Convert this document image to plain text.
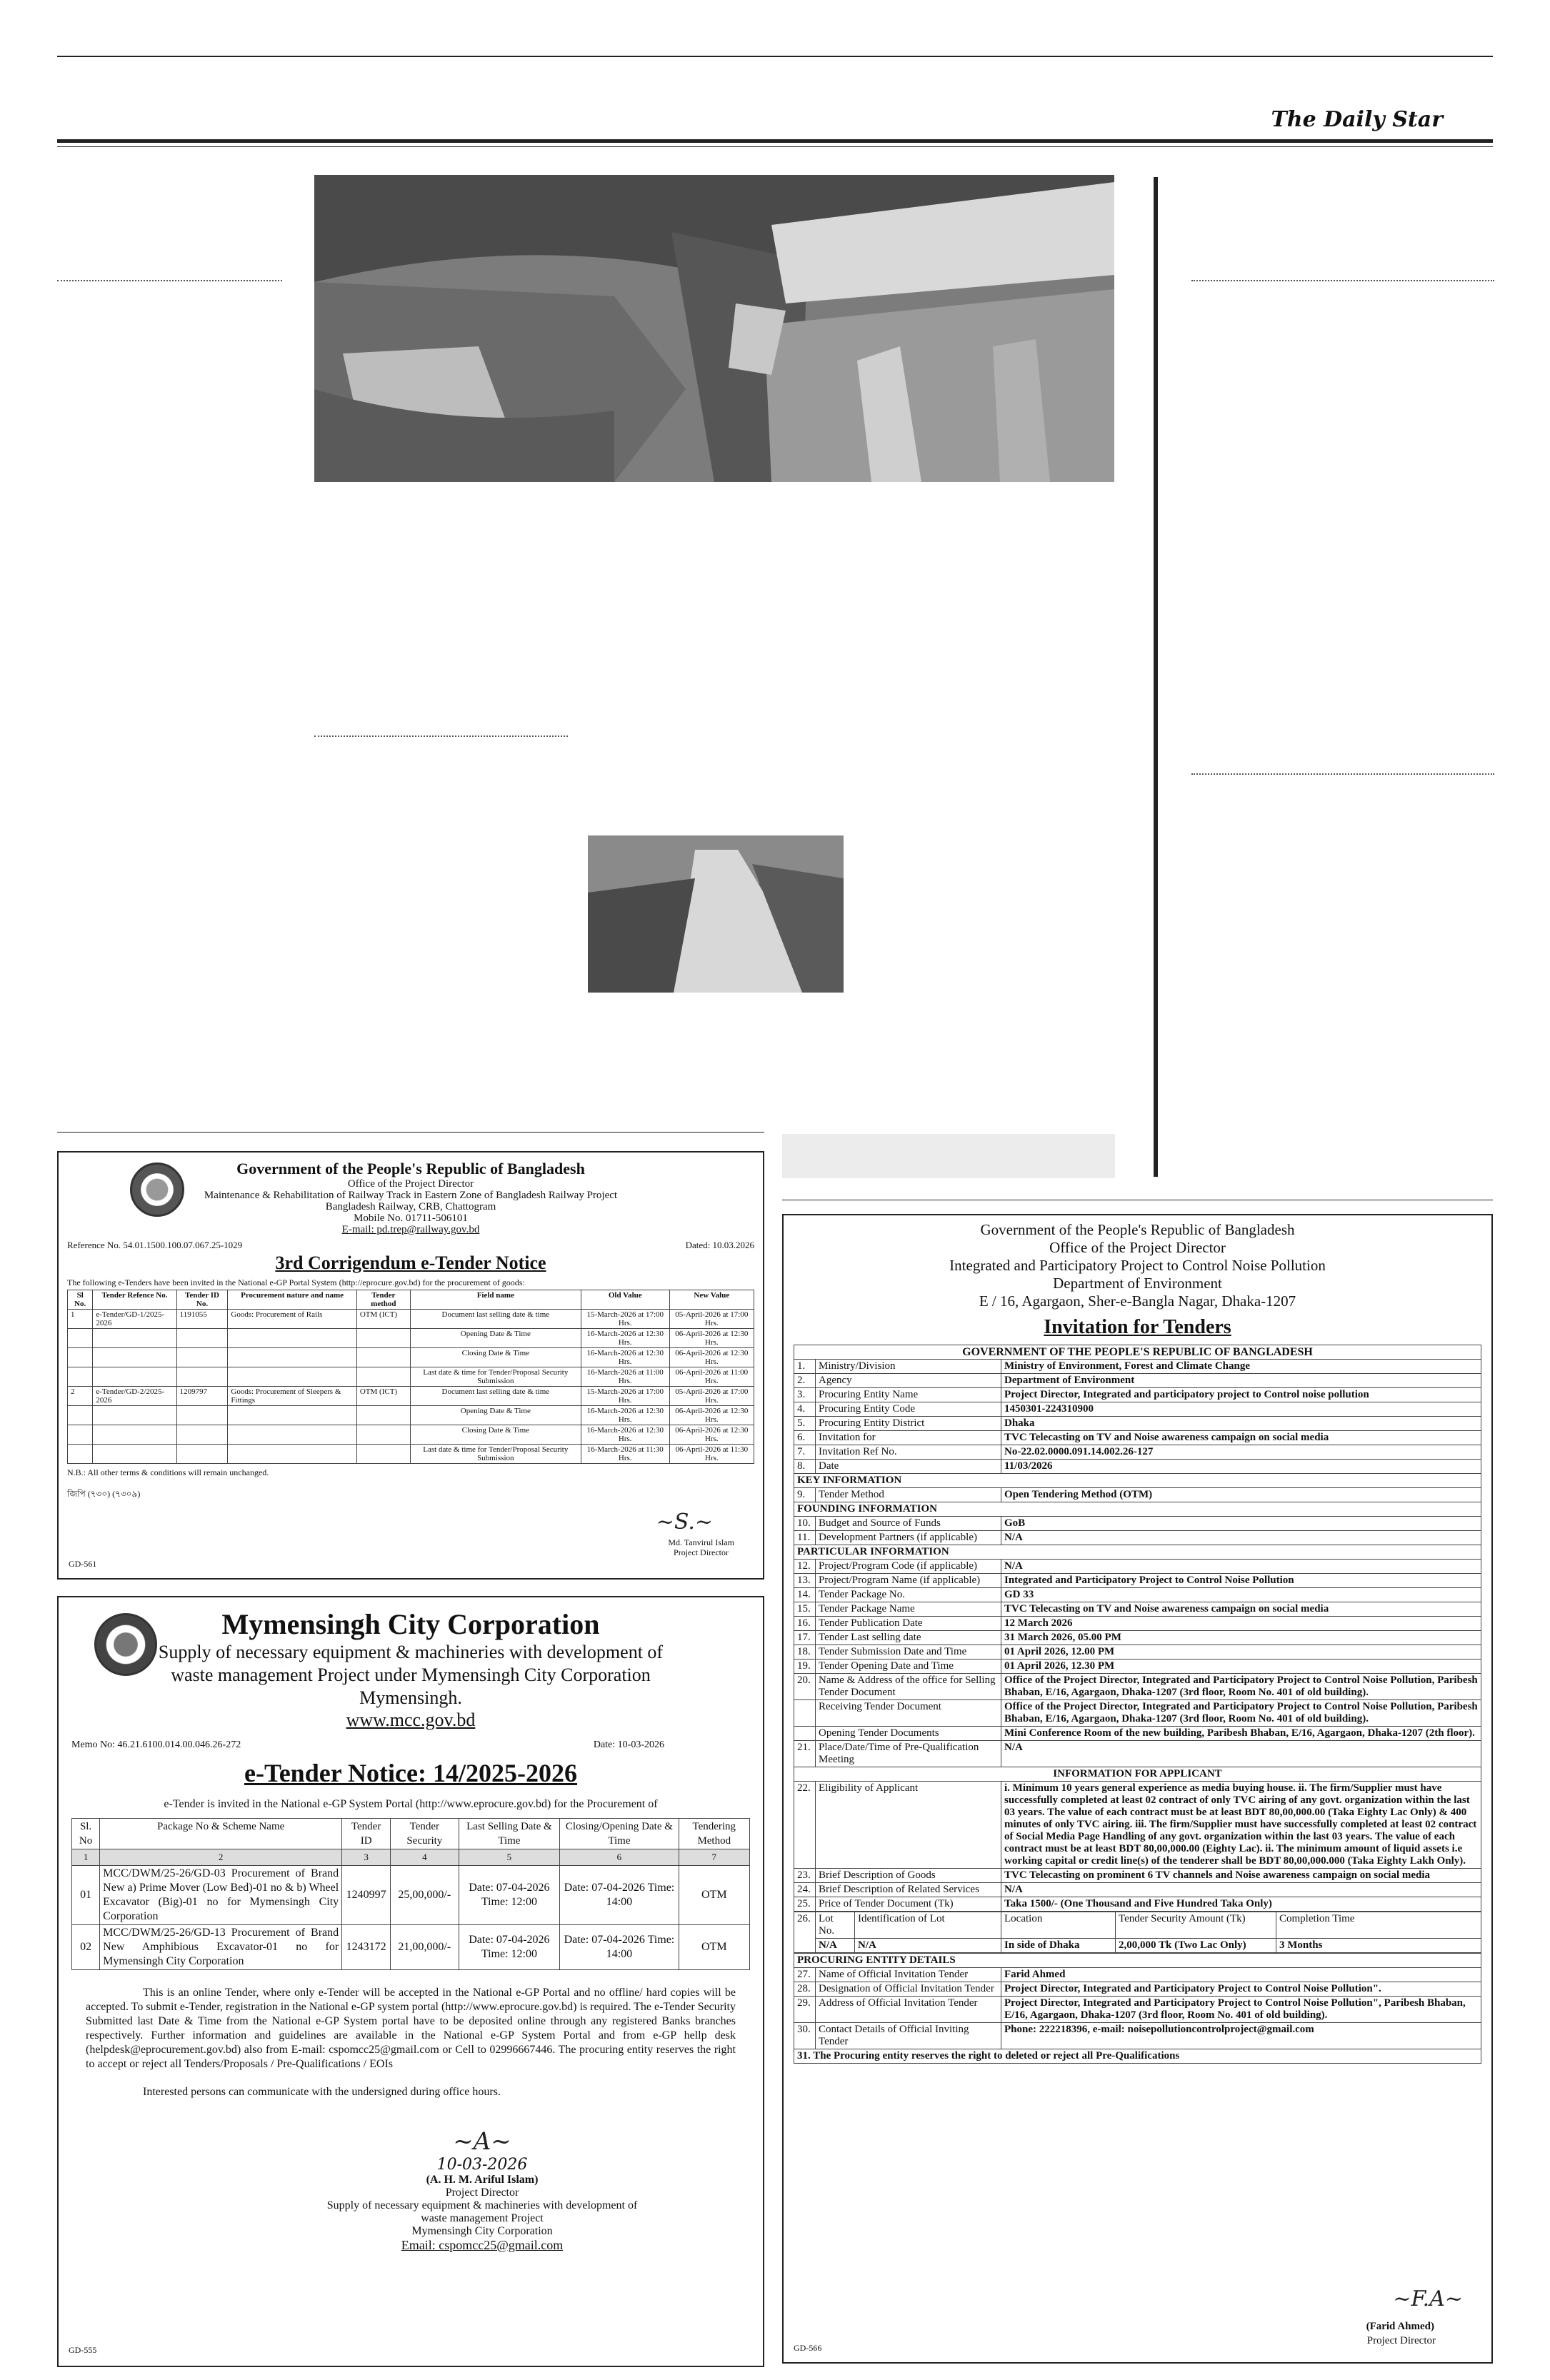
The Daily Star
Government of the People's Republic of Bangladesh
Office of the Project Director
Maintenance & Rehabilitation of Railway Track in Eastern Zone of Bangladesh Railway Project
Bangladesh Railway, CRB, Chattogram
Mobile No. 01711-506101
E-mail: pd.trep@railway.gov.bd
Reference No. 54.01.1500.100.07.067.25-1029	Dated: 10.03.2026
3rd Corrigendum e-Tender Notice
The following e-Tenders have been invited in the National e-GP Portal System (http://eprocure.gov.bd) for the procurement of goods:
Sl No.	Tender Refence No.	Tender ID No.	Procurement nature and name	Tender method	Field name	Old Value	New Value
1	e-Tender/GD-1/2025-2026	1191055	Goods: Procurement of Rails	OTM (ICT)	Document last selling date & time	15-March-2026 at 17:00 Hrs.	05-April-2026 at 17:00 Hrs.
					Opening Date & Time	16-March-2026 at 12:30 Hrs.	06-April-2026 at 12:30 Hrs.
					Closing Date & Time	16-March-2026 at 12:30 Hrs.	06-April-2026 at 12:30 Hrs.
					Last date & time for Tender/Proposal Security Submission	16-March-2026 at 11:00 Hrs.	06-April-2026 at 11:00 Hrs.
2	e-Tender/GD-2/2025-2026	1209797	Goods: Procurement of Sleepers & Fittings	OTM (ICT)	Document last selling date & time	15-March-2026 at 17:00 Hrs.	05-April-2026 at 17:00 Hrs.
					Opening Date & Time	16-March-2026 at 12:30 Hrs.	06-April-2026 at 12:30 Hrs.
					Closing Date & Time	16-March-2026 at 12:30 Hrs.	06-April-2026 at 12:30 Hrs.
					Last date & time for Tender/Proposal Security Submission	16-March-2026 at 11:30 Hrs.	06-April-2026 at 11:30 Hrs.
N.B.: All other terms & conditions will remain unchanged.
জিপি (৭৩০) (৭৩০৯)
~S.~
Md. Tanvirul Islam
Project Director
GD-561
Mymensingh City Corporation
Supply of necessary equipment & machineries with development of waste management Project under Mymensingh City Corporation Mymensingh.
www.mcc.gov.bd
Memo No: 46.21.6100.014.00.046.26-272	Date: 10-03-2026
e-Tender Notice: 14/2025-2026
e-Tender is invited in the National e-GP System Portal (http://www.eprocure.gov.bd) for the Procurement of
Sl. No	Package No & Scheme Name	Tender ID	Tender Security	Last Selling Date & Time	Closing/Opening Date & Time	Tendering Method
1	2	3	4	5	6	7
01	MCC/DWM/25-26/GD-03 Procurement of Brand New a) Prime Mover (Low Bed)-01 no & b) Wheel Excavator (Big)-01 no for Mymensingh City Corporation	1240997	25,00,000/-	Date: 07-04-2026 Time: 12:00	Date: 07-04-2026 Time: 14:00	OTM
02	MCC/DWM/25-26/GD-13 Procurement of Brand New Amphibious Excavator-01 no for Mymensingh City Corporation	1243172	21,00,000/-	Date: 07-04-2026 Time: 12:00	Date: 07-04-2026 Time: 14:00	OTM
This is an online Tender, where only e-Tender will be accepted in the National e-GP Portal and no offline/ hard copies will be accepted. To submit e-Tender, registration in the National e-GP system portal (http://www.eprocure.gov.bd) is required. The e-Tender Security Submitted last Date & Time from the National e-GP System portal have to be deposited online through any registered Banks branches respectively. Further information and guidelines are available in the National e-GP System Portal and from e-GP hellp desk (helpdesk@eprocurement.gov.bd) also from E-mail: cspomcc25@gmail.com or Cell to 02996667446. The procuring entity reserves the right to accept or reject all Tenders/Proposals / Pre-Qualifications / EOIs
Interested persons can communicate with the undersigned during office hours.
~A~
10-03-2026
(A. H. M. Ariful Islam)
Project Director
Supply of necessary equipment & machineries with development of waste management Project
Mymensingh City Corporation
Email: cspomcc25@gmail.com
GD-555
Government of the People's Republic of Bangladesh
Office of the Project Director
Integrated and Participatory Project to Control Noise Pollution
Department of Environment
E / 16, Agargaon, Sher-e-Bangla Nagar, Dhaka-1207
Invitation for Tenders
GOVERNMENT OF THE PEOPLE'S REPUBLIC OF BANGLADESH		
1.	Ministry/Division	Ministry of Environment, Forest and Climate Change
2.	Agency	Department of Environment
3.	Procuring Entity Name	Project Director, Integrated and participatory project to Control noise pollution
4.	Procuring Entity Code	1450301-224310900
5.	Procuring Entity District	Dhaka
6.	Invitation for	TVC Telecasting on TV and Noise awareness campaign on social media
7.	Invitation Ref No.	No-22.02.0000.091.14.002.26-127
8.	Date	11/03/2026
KEY INFORMATION		
9.	Tender Method	Open Tendering Method (OTM)
FOUNDING INFORMATION		
10.	Budget and Source of Funds	GoB
11.	Development Partners (if applicable)	N/A
PARTICULAR INFORMATION		
12.	Project/Program Code (if applicable)	N/A
13.	Project/Program Name (if applicable)	Integrated and Participatory Project to Control Noise Pollution
14.	Tender Package No.	GD 33
15.	Tender Package Name	TVC Telecasting on TV and Noise awareness campaign on social media
16.	Tender Publication Date	12 March 2026
17.	Tender Last selling date	31 March 2026, 05.00 PM
18.	Tender Submission Date and Time	01 April 2026, 12.00 PM
19.	Tender Opening Date and Time	01 April 2026, 12.30 PM
20.	Name & Address of the office for Selling Tender Document	Office of the Project Director, Integrated and Participatory Project to Control Noise Pollution, Paribesh Bhaban, E/16, Agargaon, Dhaka-1207 (3rd floor, Room No. 401 of old building).
	Receiving Tender Document	Office of the Project Director, Integrated and Participatory Project to Control Noise Pollution, Paribesh Bhaban, E/16, Agargaon, Dhaka-1207 (3rd floor, Room No. 401 of old building).
	Opening Tender Documents	Mini Conference Room of the new building, Paribesh Bhaban, E/16, Agargaon, Dhaka-1207 (2th floor).
21.	Place/Date/Time of Pre-Qualification Meeting	N/A
INFORMATION FOR APPLICANT		
22.	Eligibility of Applicant	i. Minimum 10 years general experience as media buying house. ii. The firm/Supplier must have successfully completed at least 02 contract of only TVC airing of any govt. organization within the last 03 years. The value of each contract must be at least BDT 80,00,000.00 (Taka Eighty Lac Only) & 400 minutes of only TVC airing. iii. The firm/Supplier must have successfully completed at least 02 contract of Social Media Page Handling of any govt. organization within the last 03 years. The value of each contract must be at least BDT 80,00,000.00 (Eighty Lac). ii. The minimum amount of liquid assets i.e working capital or credit line(s) of the tenderer shall be BDT 80,00,000.000 (Taka Eighty Lakh Only).
23.	Brief Description of Goods	TVC Telecasting on prominent 6 TV channels and Noise awareness campaign on social media
24.	Brief Description of Related Services	N/A
25.	Price of Tender Document (Tk)	Taka 1500/- (One Thousand and Five Hundred Taka Only)
26.	Lot No.	Identification of Lot	Location	Tender Security Amount (Tk)	Completion Time
	N/A	N/A	In side of Dhaka	2,00,000 Tk (Two Lac Only)	3 Months
PROCURING ENTITY DETAILS		
27.	Name of Official Invitation Tender	Farid Ahmed
28.	Designation of Official Invitation Tender	Project Director, Integrated and Participatory Project to Control Noise Pollution".
29.	Address of Official Invitation Tender	Project Director, Integrated and Participatory Project to Control Noise Pollution", Paribesh Bhaban, E/16, Agargaon, Dhaka-1207 (3rd floor, Room No. 401 of old building).
30.	Contact Details of Official Inviting Tender	Phone: 222218396, e-mail: noisepollutioncontrolproject@gmail.com
31. The Procuring entity reserves the right to deleted or reject all Pre-Qualifications
~F.A~
(Farid Ahmed)
Project Director
GD-566
